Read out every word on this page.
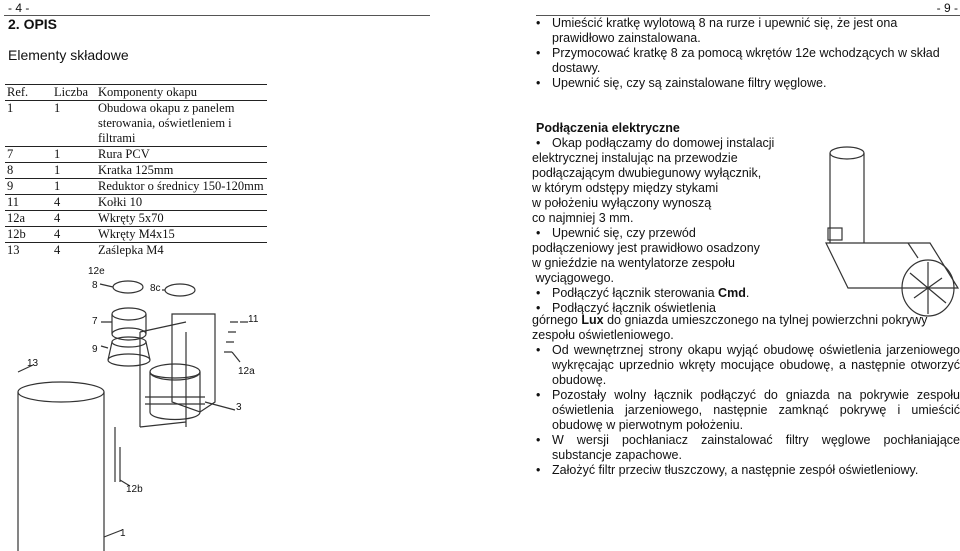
- 4 -
2. OPIS
Elementy składowe
Ref.	Liczba	Komponenty okapu
1	1	Obudowa okapu z panelem sterowania, oświetleniem i filtrami
7	1	Rura PCV
8	1	Kratka 125mm
9	1	Reduktor o średnicy 150-120mm
11	4	Kołki 10
12a	4	Wkręty 5x70
12b	4	Wkręty M4x15
13	4	Zaślepka M4
12e
8	8c
7
9
11
12a
13
3
12b
1
- 9 -
• Umieścić kratkę wylotową 8 na rurze i upewnić się, że jest ona prawidłowo zainstalowana.
• Przymocować kratkę 8 za pomocą wkrętów 12e wchodzących w skład dostawy.
• Upewnić się, czy są zainstalowane filtry węglowe.
Podłączenia elektryczne
• Okap podłączamy do domowej instalacji
elektrycznej instalując na przewodzie
podłączającym dwubiegunowy wyłącznik,
w którym odstępy między stykami
w położeniu wyłączony wynoszą
co najmniej 3 mm.
• Upewnić się, czy przewód
podłączeniowy jest prawidłowo osadzony
w gnieździe na wentylatorze zespołu
wyciągowego.
• Podłączyć łącznik sterowania Cmd.
• Podłączyć łącznik oświetlenia
górnego Lux do gniazda umieszczonego na tylnej powierzchni pokrywy
zespołu oświetleniowego.
• Od wewnętrznej strony okapu wyjąć obudowę oświetlenia jarzeniowego wykręcając uprzednio wkręty mocujące obudowę, a następnie otworzyć obudowę.
• Pozostały wolny łącznik podłączyć do gniazda na pokrywie zespołu oświetlenia jarzeniowego, następnie zamknąć pokrywę i umieścić obudowę w pierwotnym położeniu.
• W wersji pochłaniacz zainstalować filtry węglowe pochłaniające substancje zapachowe.
• Założyć filtr przeciw tłuszczowy, a następnie zespół oświetleniowy.
